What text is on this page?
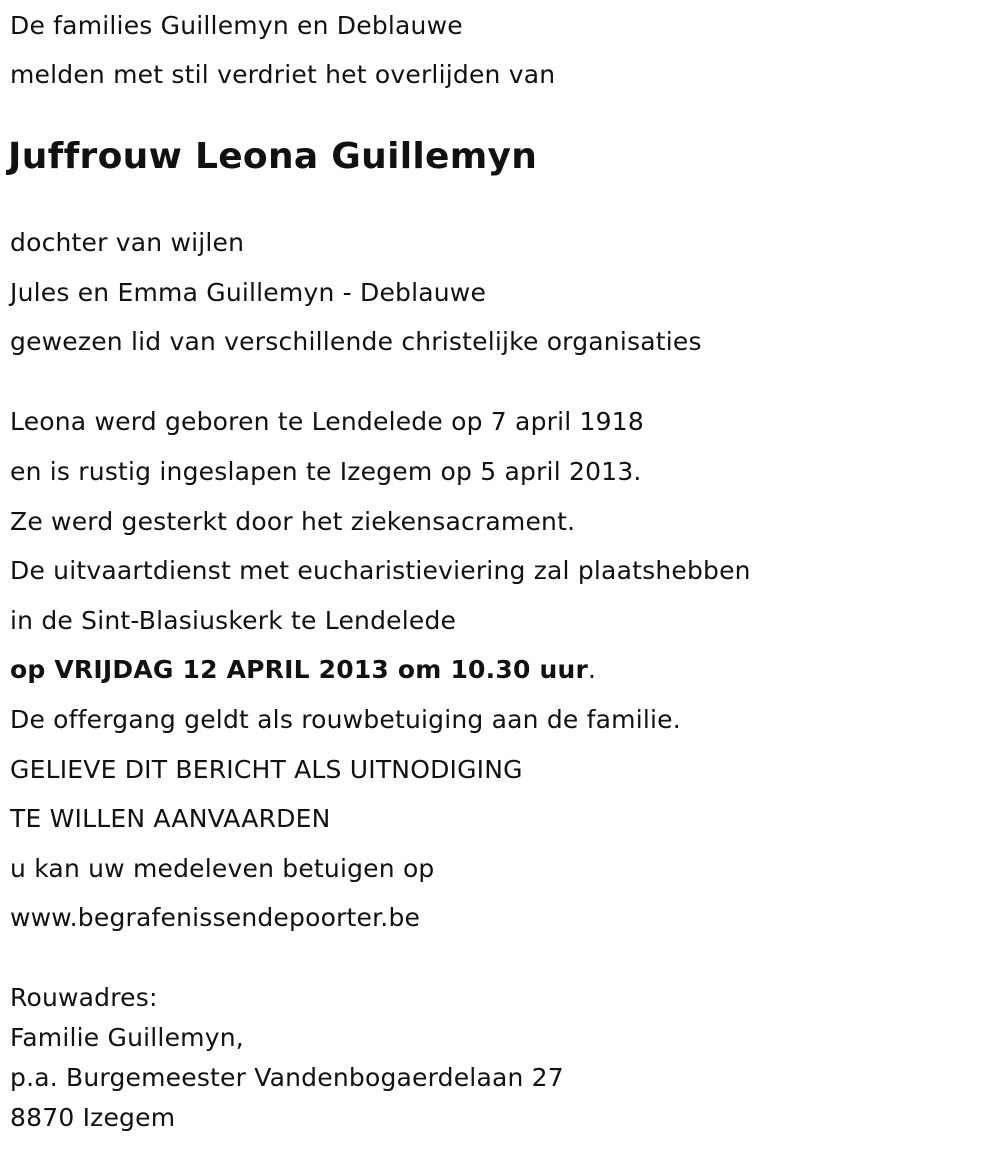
De families Guillemyn en Deblauwe

melden met stil verdriet het overlijden van

Juffrouw Leona Guillemyn

dochter van wijlen

Jules en Emma Guillemyn - Deblauwe

gewezen lid van verschillende christelijke organisaties

Leona werd geboren te Lendelede op 7 april 1918

en is rustig ingeslapen te Izegem op 5 april 2013.

Ze werd gesterkt door het ziekensacrament.

De uitvaartdienst met eucharistieviering zal plaatshebben

in de Sint-Blasiuskerk te Lendelede

op VRIJDAG 12 APRIL 2013 om 10.30 uur.

De offergang geldt als rouwbetuiging aan de familie.

GELIEVE DIT BERICHT ALS UITNODIGING

TE WILLEN AANVAARDEN

u kan uw medeleven betuigen op

www.begrafenissendepoorter.be

Rouwadres:

Familie Guillemyn,

p.a. Burgemeester Vandenbogaerdelaan 27

8870 Izegem
